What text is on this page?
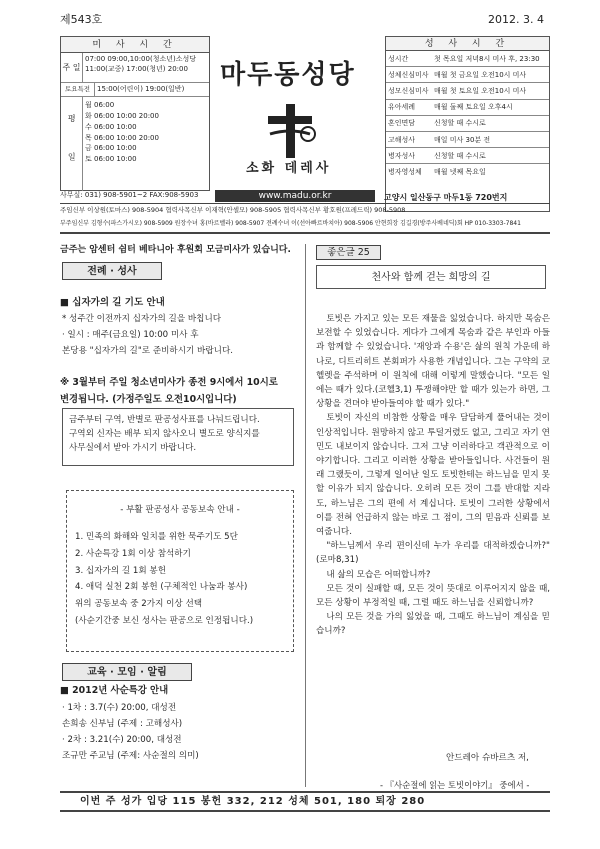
제543호	2012. 3. 4
미 사 시 간
주 일
07:00 09:00,10:00(청소년)소성당
11:00(교중) 17:00(청년) 20:00
토요특전 15:00(어린이) 19:00(일반)
평 일
월 06:00
화 06:00 10:00 20:00
수 06:00 10:00
목 06:00 10:00 20:00
금 06:00 10:00
토 06:00 10:00
마두동성당
소화 데레사
성 사 시 간
성시간	첫 목요일 저녁8시 미사 후, 23:30
성체신심미사 매월 첫 금요일 오전10시 미사
성모신심미사 매월 첫 토요일 오전10시 미사
유아세례	매월 둘째 토요일 오후4시
혼인면담	신청할 때 수시로
고해성사	매일 미사 30분 전
병자성사	신청할 때 수시로
병자영성체	매월 넷째 목요일
www.madu.or.kr
사무실: 031) 908-5901~2 FAX:908-5903	고양시 일산동구 마두1동 720번지
주임신부 이상원(토마스) 908-5904 협력사목신부 이재혁(안셀모) 908-5905 협력사목신부 황호원(프레드릭) 908-5908
부주임신부 김형수(파스가시오) 908-5909 원장수녀 홍(바르벨라) 908-5907 전례수녀 이(선아빠르바치아) 908-5906 안현희장 김길경(방주사베네딕)회 HP 010-3303-7841
금주는 암센터 쉼터 베타니아 후원회 모금미사가 있습니다.
전례 · 성사
■ 십자가의 길 기도 안내
* 성주간 이전까지 십자가의 길을 바칩니다
· 일시 : 매주(금요일) 10:00 미사 후
본당용 "십자가의 길"로 준비하시기 바랍니다.
※ 3월부터 주일 청소년미사가 종전 9시에서 10시로
변경됩니다. (가정주일도 오전10시입니다)
금주부터 구역, 반별로 판공성사표를 나눠드립니다.
구역외 신자는 배부 되지 않사오니 별도로 양식지를
사무실에서 받아 가시기 바랍니다.
- 부활 판공성사 공동보속 안내 -
1. 민족의 화해와 일치를 위한 묵주기도 5단
2. 사순특강 1회 이상 참석하기
3. 십자가의 길 1회 봉헌
4. 애덕 실천 2회 봉헌 (구체적인 나눔과 봉사)
위의 공동보속 중 2가지 이상 선택
(사순기간중 보신 성사는 판공으로 인정됩니다.)
교육 · 모임 · 알림
■ 2012년 사순특강 안내
· 1차 : 3.7(수) 20:00, 대성전
손희송 신부님 (주제 : 고해성사)
· 2차 : 3.21(수) 20:00, 대성전
조규만 주교님 (주제: 사순절의 의미)
좋은글 25
천사와 함께 걷는 희망의 길

토빗은 가지고 있는 모든 재물을 잃었습니다. 하지만 목숨은 보전할 수 있었습니다. 게다가 그에게 목숨과 같은 부인과 아들과 함께할 수 있었습니다. '재앙과 수용'은 삶의 원칙 가운데 하나로, 디트리히트 본회퍼가 사용한 개념입니다. 그는 구약의 코헬렛을 주석하며 이 원칙에 대해 이렇게 말했습니다. "모든 일에는 때가 있다.(코헬3,1) 투쟁해야만 할 때가 있는가 하면, 그 상황을 견뎌야 받아들여야 할 때가 있다."

토빗이 자신의 비참한 상황을 매우 담담하게 풀어내는 것이 인상적입니다. 원망하지 않고 투덜거렸도 없고, 그리고 자기 연민도 내보이지 않습니다. 그저 그냥 이러하다고 객관적으로 이야기합니다. 그리고 이러한 상황을 받아들입니다. 사건들이 원래 그랬듯이, 그렇게 일어난 일도 토빗한테는 하느님을 믿지 못할 이유가 되지 않습니다. 오히려 모든 것이 그를 반대할 지라도, 하느님은 그의 편에 서 계십니다. 토빗이 그러한 상황에서 이를 전혀 언급하지 않는 바로 그 점이, 그의 믿음과 신뢰를 보여줍니다.

"하느님께서 우리 편이신데 누가 우리를 대적하겠습니까?" (로마8,31)

내 삶의 모습은 어떠합니까?

모든 것이 실패할 때, 모든 것이 뜻대로 이루어지지 않을 때, 모든 상황이 부정적일 때, 그럴 때도 하느님을 신뢰합니까?

나의 모든 것을 가의 잃었을 때, 그때도 하느님이 계심을 믿습니까?

안드레아 슈바르츠 저,
- 『사순절에 읽는 토빗이야기』 중에서 -
이번 주 성가 입당 115 봉헌 332, 212 성체 501, 180 퇴장 280
